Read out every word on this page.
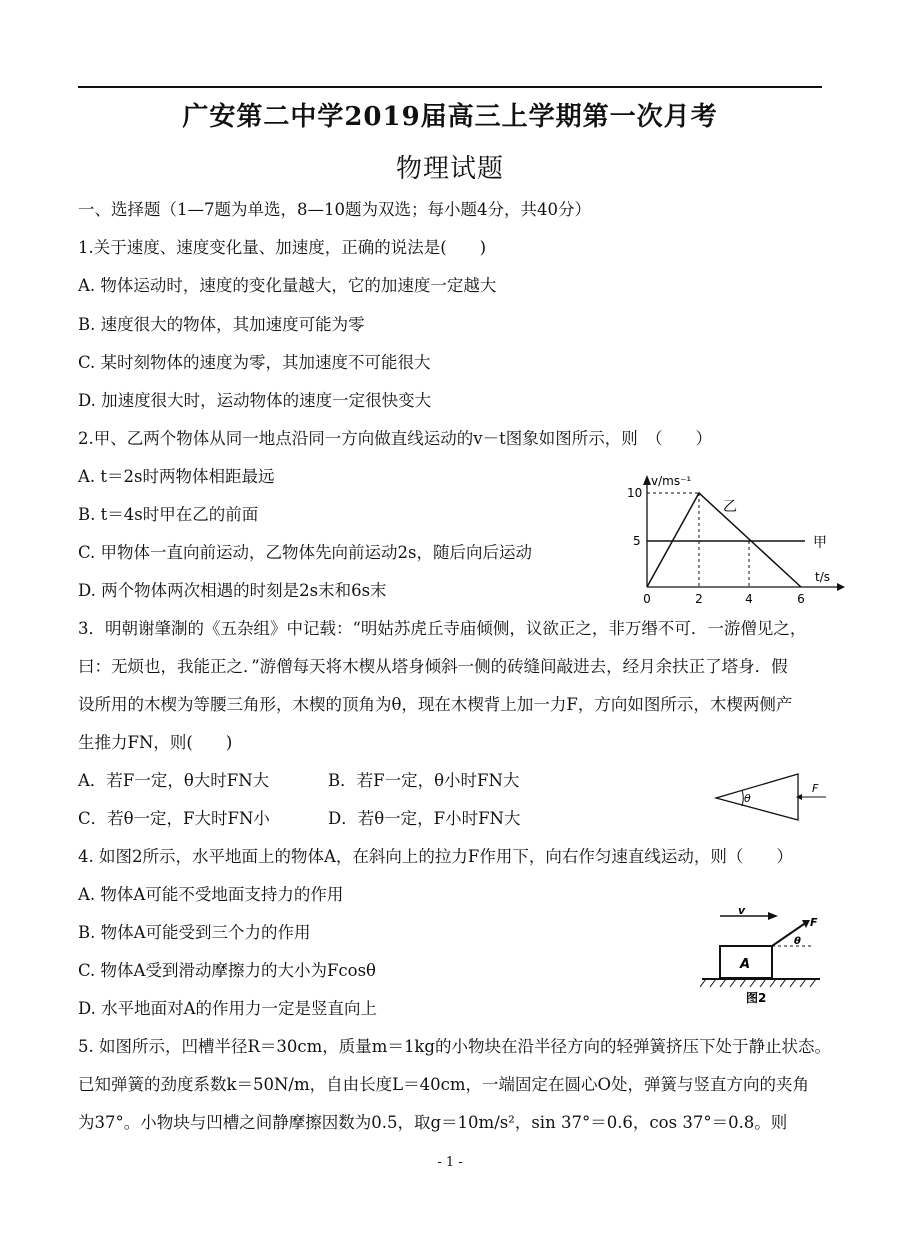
广安第二中学2019届高三上学期第一次月考
物理试题
一、选择题（1—7题为单选，8—10题为双选；每小题4分，共40分）
1.关于速度、速度变化量、加速度，正确的说法是(　　)
A. 物体运动时，速度的变化量越大，它的加速度一定越大
B. 速度很大的物体，其加速度可能为零
C. 某时刻物体的速度为零，其加速度不可能很大
D. 加速度很大时，运动物体的速度一定很快变大
2.甲、乙两个物体从同一地点沿同一方向做直线运动的v－t图象如图所示，则　（　　）
A. t＝2s时两物体相距最远
B. t＝4s时甲在乙的前面
C. 甲物体一直向前运动，乙物体先向前运动2s，随后向后运动
D. 两个物体两次相遇的时刻是2s末和6s末
v/ms⁻¹
t/s
10
5
0	2	4	6
乙
甲
3．明朝谢肇淛的《五杂组》中记载：“明姑苏虎丘寺庙倾侧，议欲正之，非万缗不可．一游僧见之，
曰：无烦也，我能正之．”游僧每天将木楔从塔身倾斜一侧的砖缝间敲进去，经月余扶正了塔身．假
设所用的木楔为等腰三角形，木楔的顶角为θ，现在木楔背上加一力F，方向如图所示，木楔两侧产
生推力FN，则(　　)
A．若F一定，θ大时FN大	B．若F一定，θ小时FN大
C．若θ一定，F大时FN小	D．若θ一定，F小时FN大
θ
F
4. 如图2所示，水平地面上的物体A，在斜向上的拉力F作用下，向右作匀速直线运动，则（　　）
A. 物体A可能不受地面支持力的作用
B. 物体A可能受到三个力的作用
C. 物体A受到滑动摩擦力的大小为Fcosθ
D. 水平地面对A的作用力一定是竖直向上
v
A
F
θ
图2
5. 如图所示，凹槽半径R＝30cm，质量m＝1kg的小物块在沿半径方向的轻弹簧挤压下处于静止状态。
已知弹簧的劲度系数k＝50N/m，自由长度L＝40cm，一端固定在圆心O处，弹簧与竖直方向的夹角
为37°。小物块与凹槽之间静摩擦因数为0.5，取g＝10m/s²，sin 37°＝0.6，cos 37°＝0.8。则
- 1 -
